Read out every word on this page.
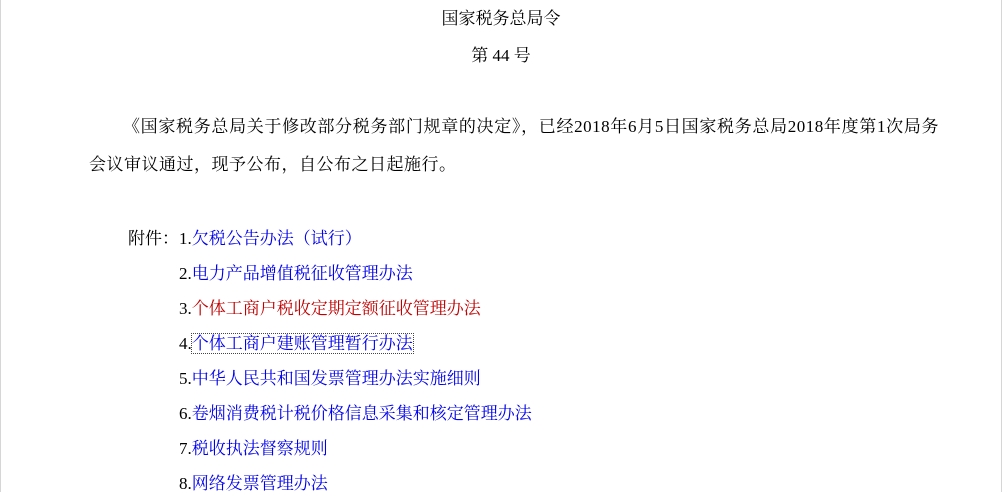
国家税务总局令
第 44 号

《国家税务总局关于修改部分税务部门规章的决定》，已经2018年6月5日国家税务总局2018年度第1次局务会议审议通过，现予公布，自公布之日起施行。

附件：1.欠税公告办法（试行）
2.电力产品增值税征收管理办法
3.个体工商户税收定期定额征收管理办法
4.个体工商户建账管理暂行办法
5.中华人民共和国发票管理办法实施细则
6.卷烟消费税计税价格信息采集和核定管理办法
7.税收执法督察规则
8.网络发票管理办法
